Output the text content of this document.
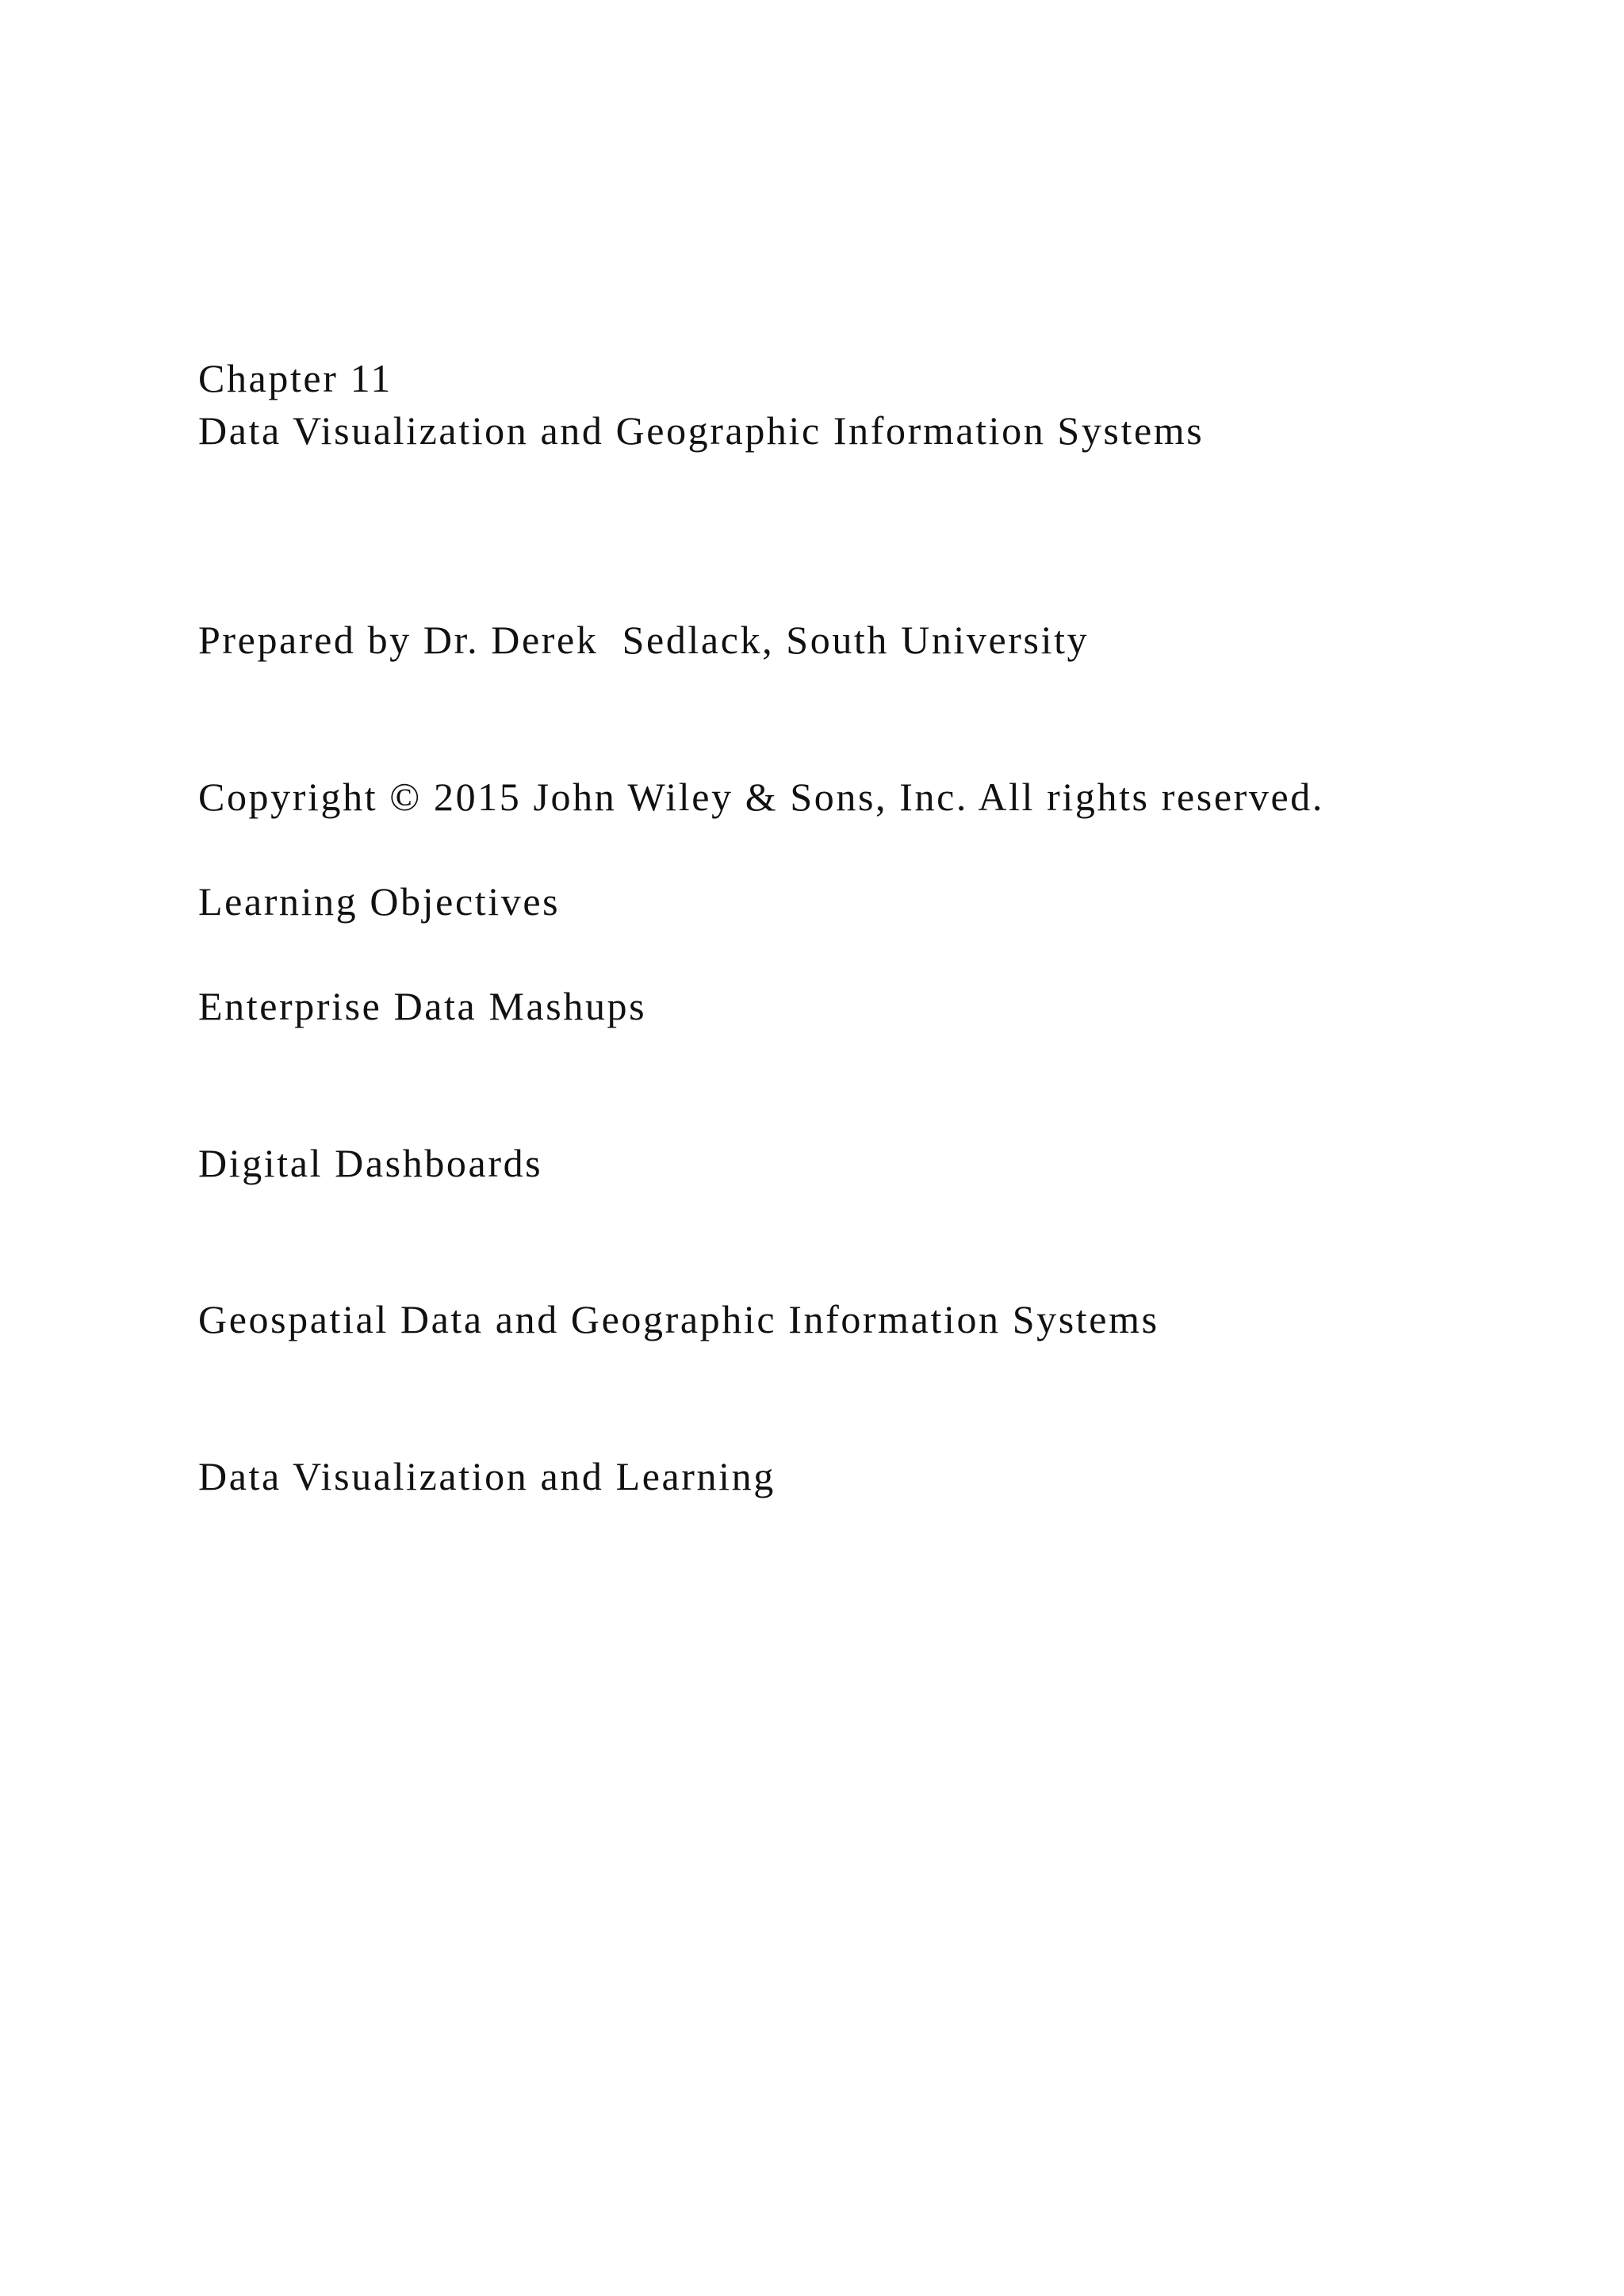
Chapter 11

Data Visualization and Geographic Information Systems

Prepared by Dr. Derek  Sedlack, South University

Copyright © 2015 John Wiley & Sons, Inc. All rights reserved.

Learning Objectives

Enterprise Data Mashups

Digital Dashboards

Geospatial Data and Geographic Information Systems

Data Visualization and Learning
